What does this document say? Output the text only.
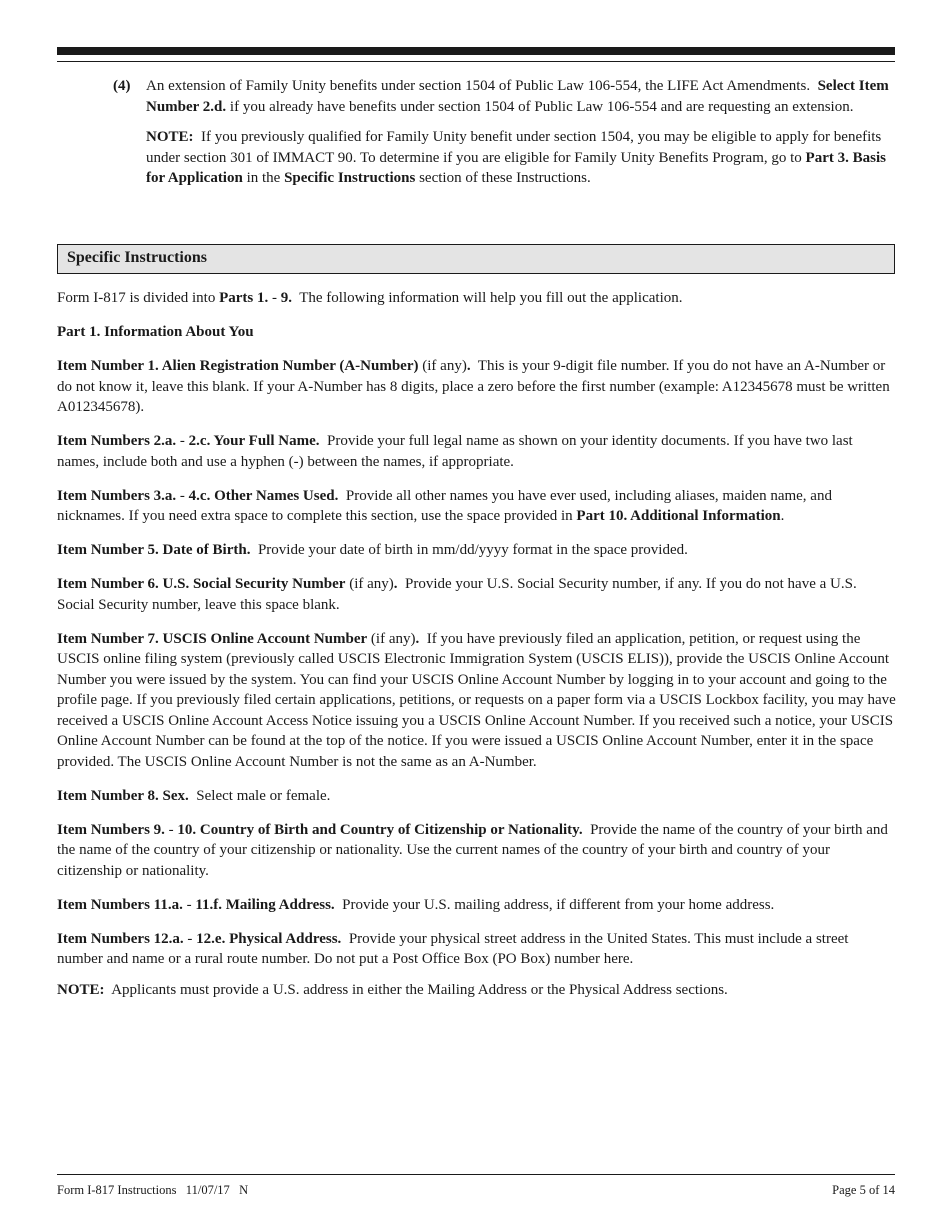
(4) An extension of Family Unity benefits under section 1504 of Public Law 106-554, the LIFE Act Amendments. Select Item Number 2.d. if you already have benefits under section 1504 of Public Law 106-554 and are requesting an extension.
NOTE: If you previously qualified for Family Unity benefit under section 1504, you may be eligible to apply for benefits under section 301 of IMMACT 90. To determine if you are eligible for Family Unity Benefits Program, go to Part 3. Basis for Application in the Specific Instructions section of these Instructions.
Specific Instructions

Form I-817 is divided into Parts 1. - 9. The following information will help you fill out the application.

Part 1. Information About You

Item Number 1. Alien Registration Number (A-Number) (if any). This is your 9-digit file number. If you do not have an A-Number or do not know it, leave this blank. If your A-Number has 8 digits, place a zero before the first number (example: A12345678 must be written A012345678).

Item Numbers 2.a. - 2.c. Your Full Name. Provide your full legal name as shown on your identity documents. If you have two last names, include both and use a hyphen (-) between the names, if appropriate.

Item Numbers 3.a. - 4.c. Other Names Used. Provide all other names you have ever used, including aliases, maiden name, and nicknames. If you need extra space to complete this section, use the space provided in Part 10. Additional Information.

Item Number 5. Date of Birth. Provide your date of birth in mm/dd/yyyy format in the space provided.

Item Number 6. U.S. Social Security Number (if any). Provide your U.S. Social Security number, if any. If you do not have a U.S. Social Security number, leave this space blank.

Item Number 7. USCIS Online Account Number (if any). If you have previously filed an application, petition, or request using the USCIS online filing system (previously called USCIS Electronic Immigration System (USCIS ELIS)), provide the USCIS Online Account Number you were issued by the system. You can find your USCIS Online Account Number by logging in to your account and going to the profile page. If you previously filed certain applications, petitions, or requests on a paper form via a USCIS Lockbox facility, you may have received a USCIS Online Account Access Notice issuing you a USCIS Online Account Number. If you received such a notice, your USCIS Online Account Number can be found at the top of the notice. If you were issued a USCIS Online Account Number, enter it in the space provided. The USCIS Online Account Number is not the same as an A-Number.

Item Number 8. Sex. Select male or female.

Item Numbers 9. - 10. Country of Birth and Country of Citizenship or Nationality. Provide the name of the country of your birth and the name of the country of your citizenship or nationality. Use the current names of the country of your birth and country of your citizenship or nationality.

Item Numbers 11.a. - 11.f. Mailing Address. Provide your U.S. mailing address, if different from your home address.

Item Numbers 12.a. - 12.e. Physical Address. Provide your physical street address in the United States. This must include a street number and name or a rural route number. Do not put a Post Office Box (PO Box) number here.

NOTE: Applicants must provide a U.S. address in either the Mailing Address or the Physical Address sections.

Form I-817 Instructions   11/07/17   N	Page 5 of 14
